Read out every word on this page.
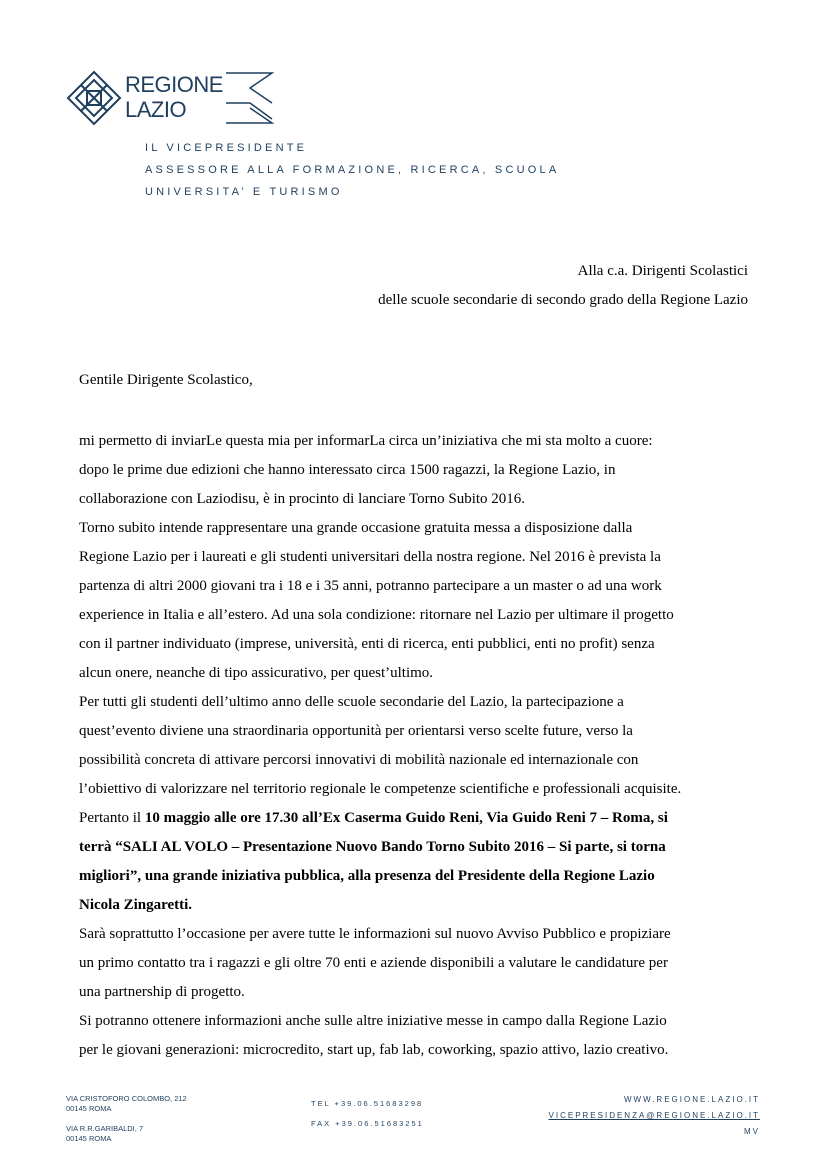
REGIONE
LAZIO
IL VICEPRESIDENTE
ASSESSORE ALLA FORMAZIONE, RICERCA, SCUOLA
UNIVERSITA’ E TURISMO
Alla c.a. Dirigenti Scolastici
delle scuole secondarie di secondo grado della Regione Lazio
Gentile Dirigente Scolastico,

mi permetto di inviarLe questa mia per informarLa circa un’iniziativa che mi sta molto a cuore:

dopo le prime due edizioni che hanno interessato circa 1500 ragazzi, la Regione Lazio, in

collaborazione con Laziodisu, è in procinto di lanciare Torno Subito 2016.

Torno subito intende rappresentare una grande occasione gratuita messa a disposizione dalla

Regione Lazio per i laureati e gli studenti universitari della nostra regione. Nel 2016 è prevista la

partenza di altri 2000 giovani tra i 18 e i 35 anni, potranno partecipare a un master o ad una work

experience in Italia e all’estero. Ad una sola condizione: ritornare nel Lazio per ultimare il progetto

con il partner individuato (imprese, università, enti di ricerca, enti pubblici, enti no profit) senza

alcun onere, neanche di tipo assicurativo, per quest’ultimo.

Per tutti gli studenti dell’ultimo anno delle scuole secondarie del Lazio, la partecipazione a

quest’evento diviene una straordinaria opportunità per orientarsi verso scelte future, verso la

possibilità concreta di attivare percorsi innovativi di mobilità nazionale ed internazionale con

l’obiettivo di valorizzare nel territorio regionale le competenze scientifiche e professionali acquisite.

Pertanto il 10 maggio alle ore 17.30 all’Ex Caserma Guido Reni, Via Guido Reni 7 – Roma, si

terrà “SALI AL VOLO – Presentazione Nuovo Bando Torno Subito 2016 – Si parte, si torna

migliori”, una grande iniziativa pubblica, alla presenza del Presidente della Regione Lazio

Nicola Zingaretti.

Sarà soprattutto l’occasione per avere tutte le informazioni sul nuovo Avviso Pubblico e propiziare

un primo contatto tra i ragazzi e gli oltre 70 enti e aziende disponibili a valutare le candidature per

una partnership di progetto.

Si potranno ottenere informazioni anche sulle altre iniziative messe in campo dalla Regione Lazio

per le giovani generazioni: microcredito, start up, fab lab, coworking, spazio attivo, lazio creativo.

VIA CRISTOFORO COLOMBO, 212
00145 ROMA
VIA R.R.GARIBALDI, 7
00145 ROMA
TEL +39.06.51683298
FAX +39.06.51683251
WWW.REGIONE.LAZIO.IT
VICEPRESIDENZA@REGIONE.LAZIO.IT
MV
